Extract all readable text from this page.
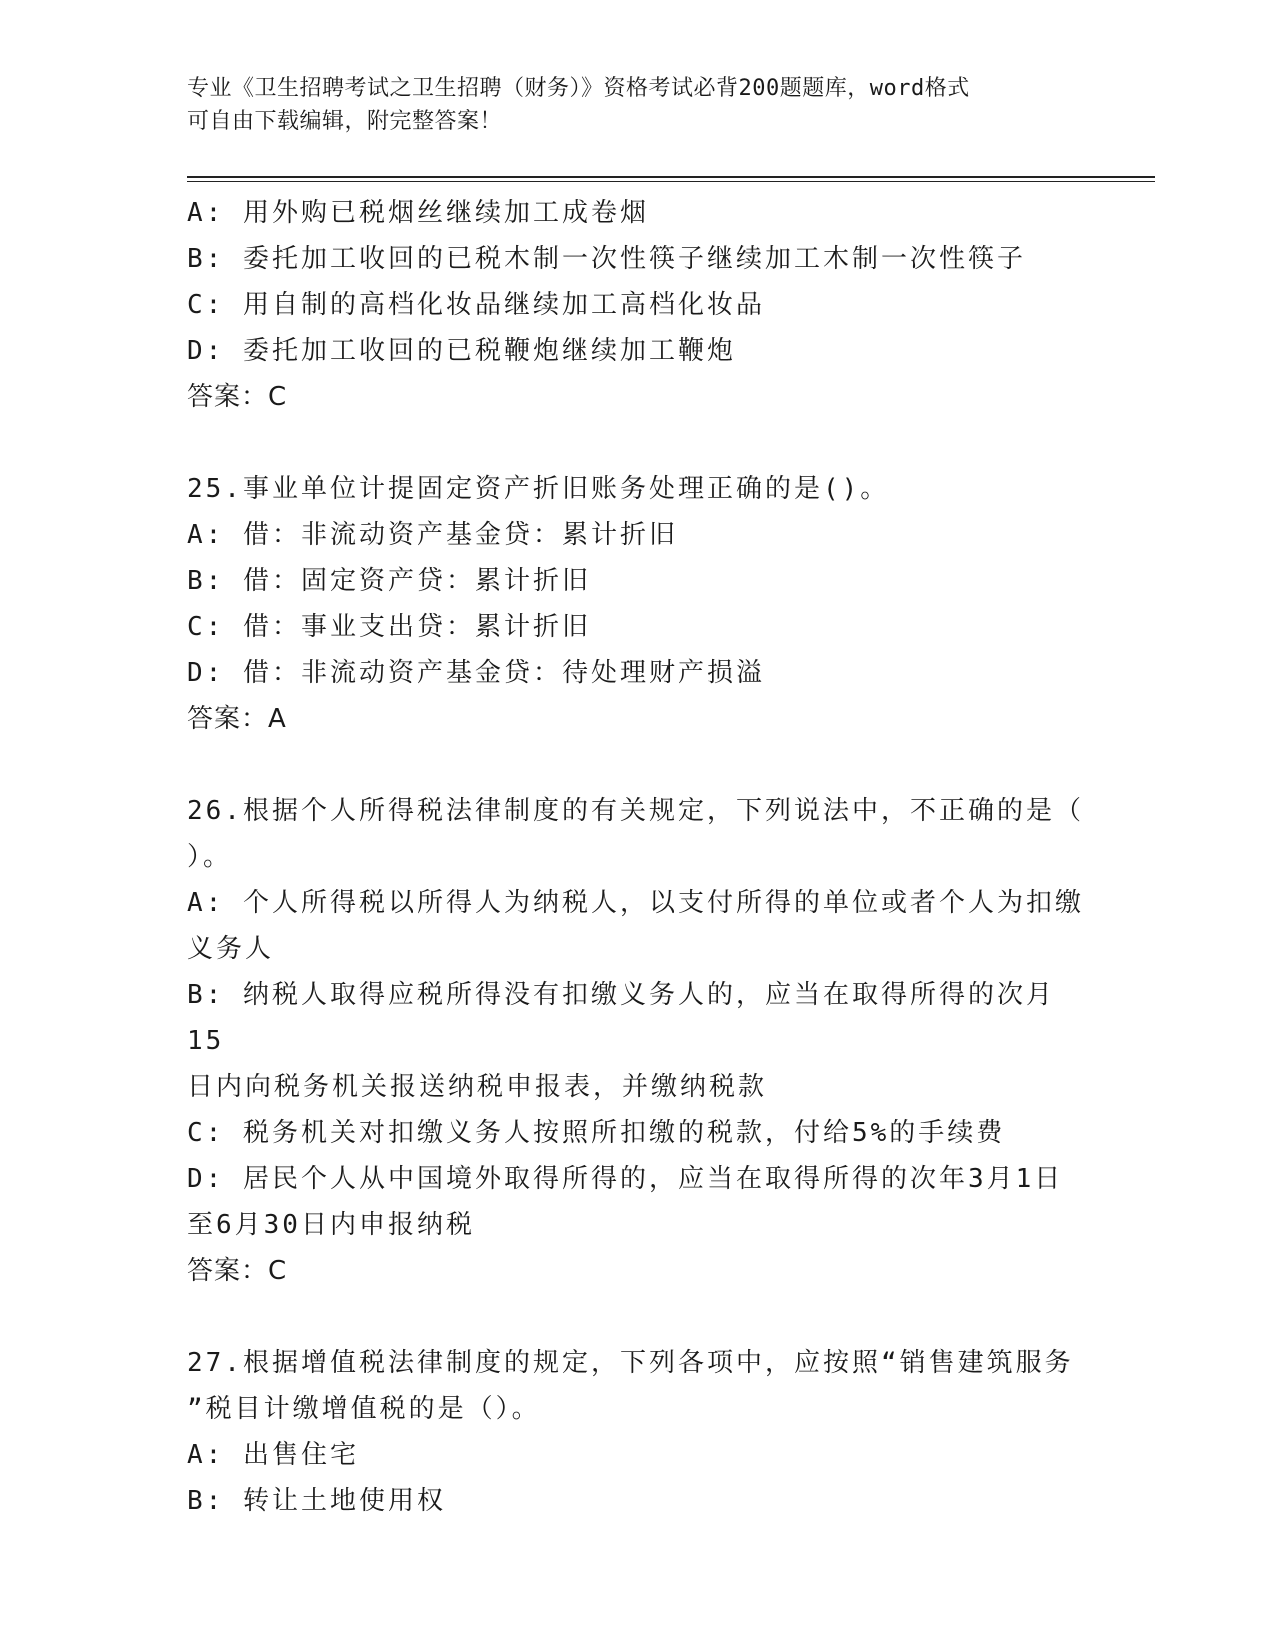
专业《卫生招聘考试之卫生招聘（财务）》资格考试必背200题题库，word格式
可自由下载编辑，附完整答案！
A: 用外购已税烟丝继续加工成卷烟
B: 委托加工收回的已税木制一次性筷子继续加工木制一次性筷子
C: 用自制的高档化妆品继续加工高档化妆品
D: 委托加工收回的已税鞭炮继续加工鞭炮
答案：C
25.事业单位计提固定资产折旧账务处理正确的是()。
A: 借：非流动资产基金贷：累计折旧
B: 借：固定资产贷：累计折旧
C: 借：事业支出贷：累计折旧
D: 借：非流动资产基金贷：待处理财产损溢
答案：A
26.根据个人所得税法律制度的有关规定，下列说法中，不正确的是（
）。
A: 个人所得税以所得人为纳税人，以支付所得的单位或者个人为扣缴
义务人
B: 纳税人取得应税所得没有扣缴义务人的，应当在取得所得的次月15
日内向税务机关报送纳税申报表，并缴纳税款
C: 税务机关对扣缴义务人按照所扣缴的税款，付给5%的手续费
D: 居民个人从中国境外取得所得的，应当在取得所得的次年3月1日
至6月30日内申报纳税
答案：C
27.根据增值税法律制度的规定，下列各项中，应按照“销售建筑服务
”税目计缴增值税的是（）。
A: 出售住宅
B: 转让土地使用权
